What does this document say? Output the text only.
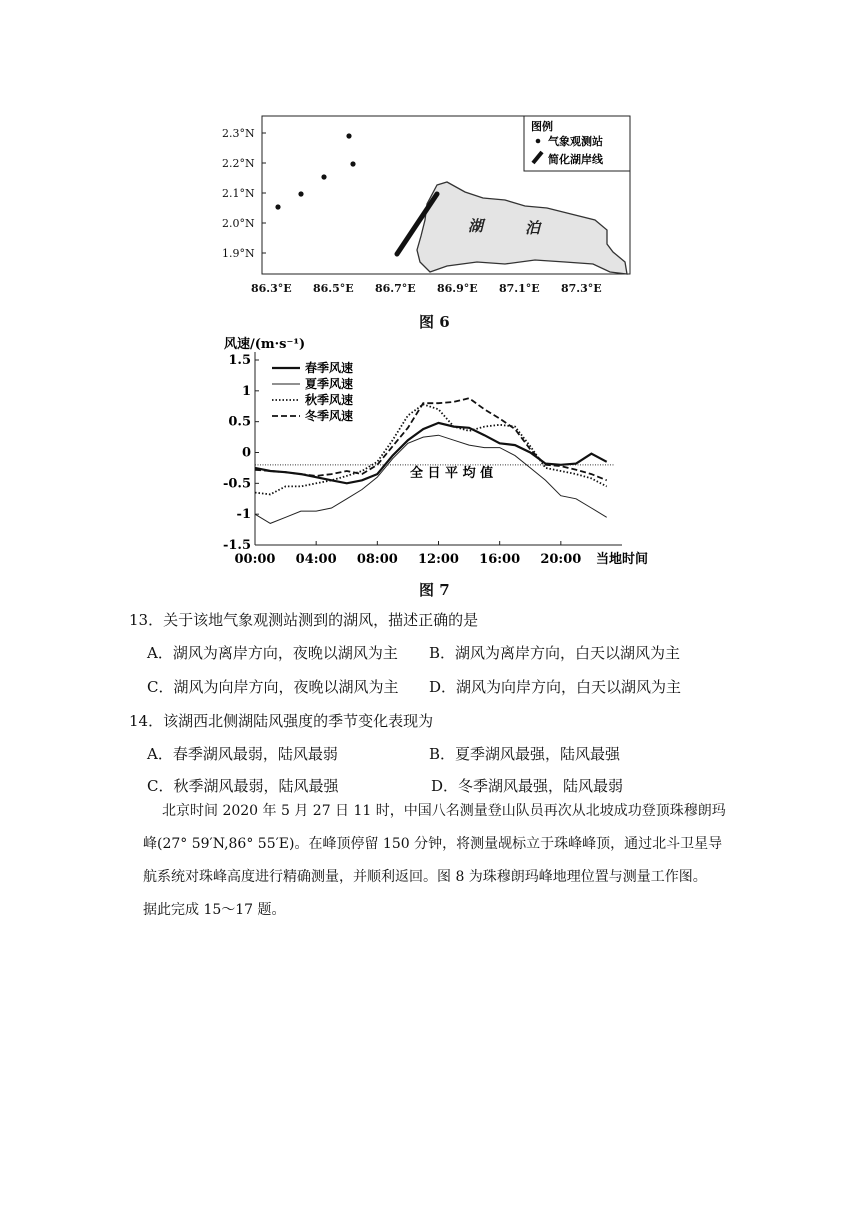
2.3°N
2.2°N
2.1°N
2.0°N
1.9°N
86.3°E 86.5°E 86.7°E 86.9°E 87.1°E 87.3°E
湖	泊
图例
气象观测站
简化湖岸线
图 6
风速/(m·s⁻¹)
1.5
1
0.5
0
-0.5
-1
-1.5
00:00 04:00 08:00 12:00 16:00 20:00
全 日 平 均 值
当地时间
春季风速
夏季风速
秋季风速
冬季风速
图 7
13．关于该地气象观测站测到的湖风，描述正确的是
A．湖风为离岸方向，夜晚以湖风为主 B．湖风为离岸方向，白天以湖风为主
C．湖风为向岸方向，夜晚以湖风为主 D．湖风为向岸方向，白天以湖风为主
14．该湖西北侧湖陆风强度的季节变化表现为
A．春季湖风最弱，陆风最弱	B．夏季湖风最强，陆风最强
C．秋季湖风最弱，陆风最强	D．冬季湖风最强，陆风最弱
北京时间 2020 年 5 月 27 日 11 时，中国八名测量登山队员再次从北坡成功登顶珠穆朗玛
峰(27° 59′N,86° 55′E)。在峰顶停留 150 分钟，将测量觇标立于珠峰峰顶，通过北斗卫星导
航系统对珠峰高度进行精确测量，并顺利返回。图 8 为珠穆朗玛峰地理位置与测量工作图。
据此完成 15～17 题。
